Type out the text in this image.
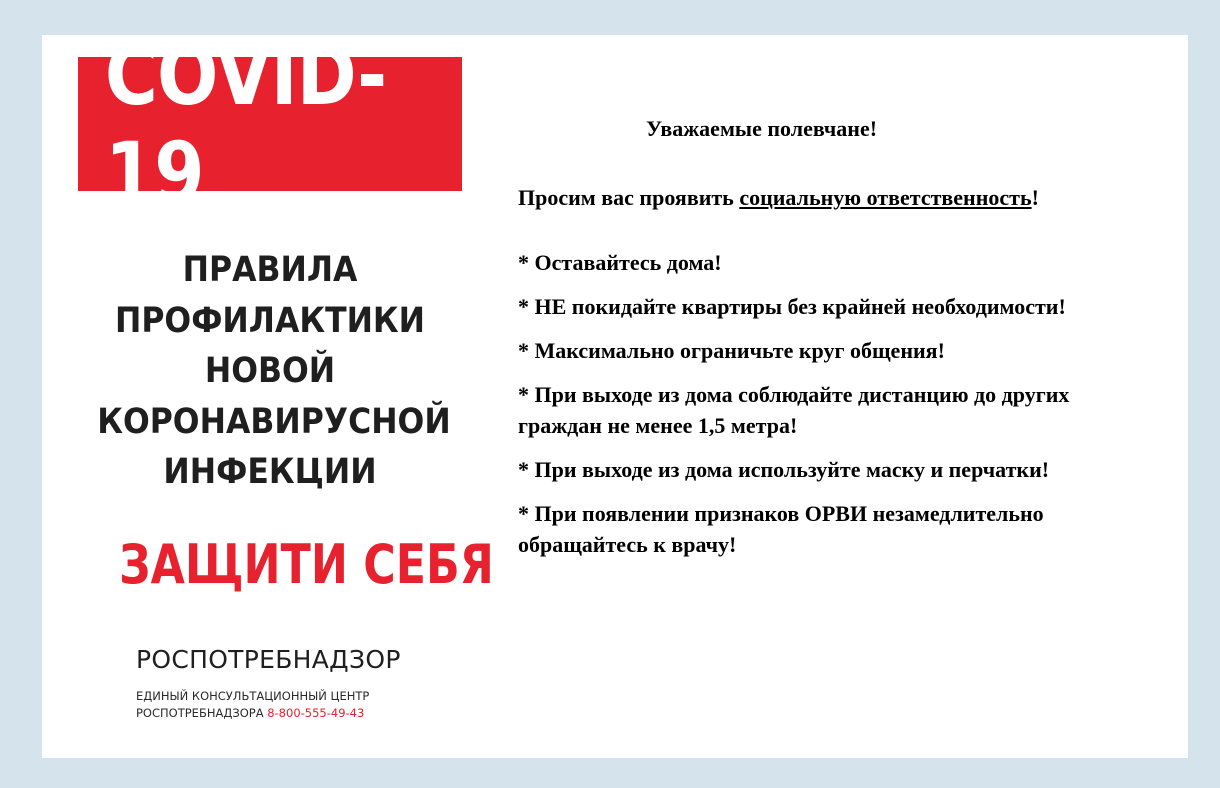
COVID-19
ПРАВИЛА
ПРОФИЛАКТИКИ
НОВОЙ
КОРОНАВИРУСНОЙ
ИНФЕКЦИИ
ЗАЩИТИ СЕБЯ
РОСПОТРЕБНАДЗОР
ЕДИНЫЙ КОНСУЛЬТАЦИОННЫЙ ЦЕНТР
РОСПОТРЕБНАДЗОРА 8-800-555-49-43
Уважаемые полевчане!
Просим вас проявить социальную ответственность!
* Оставайтесь дома!
* НЕ покидайте квартиры без крайней необходимости!
* Максимально ограничьте круг общения!
* При выходе из дома соблюдайте дистанцию до других граждан не менее 1,5 метра!
* При выходе из дома используйте маску и перчатки!
* При появлении признаков ОРВИ незамедлительно обращайтесь к врачу!
